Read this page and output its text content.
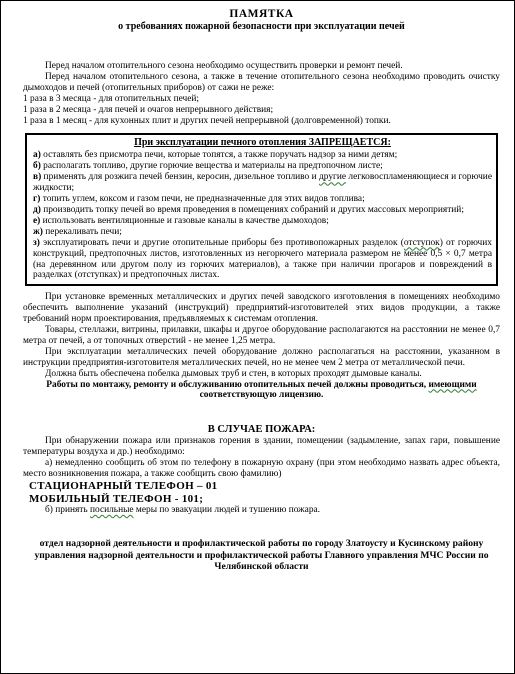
ПАМЯТКА
о требованиях пожарной безопасности при эксплуатации печей

Перед началом отопительного сезона необходимо осуществить проверки и ремонт печей.

Перед началом отопительного сезона, а также в течение отопительного сезона необходимо проводить очистку дымоходов и печей (отопительных приборов) от сажи не реже:

1 раза в 3 месяца - для отопительных печей;

1 раза в 2 месяца - для печей и очагов непрерывного действия;

1 раза в 1 месяц - для кухонных плит и других печей непрерывной (долговременной) топки.

При эксплуатации печного отопления ЗАПРЕЩАЕТСЯ:

а) оставлять без присмотра печи, которые топятся, а также поручать надзор за ними детям;

б) располагать топливо, другие горючие вещества и материалы на предтопочном листе;

в) применять для розжига печей бензин, керосин, дизельное топливо и другие легковоспламеняющиеся и горючие жидкости;

г) топить углем, коксом и газом печи, не предназначенные для этих видов топлива;

д) производить топку печей во время проведения в помещениях собраний и других массовых мероприятий;

е) использовать вентиляционные и газовые каналы в качестве дымоходов;

ж) перекаливать печи;

з) эксплуатировать печи и другие отопительные приборы без противопожарных разделок (отступок) от горючих конструкций, предтопочных листов, изготовленных из негорючего материала размером не менее 0,5 × 0,7 метра (на деревянном или другом полу из горючих материалов), а также при наличии прогаров и повреждений в разделках (отступках) и предтопочных листах.

При установке временных металлических и других печей заводского изготовления в помещениях необходимо обеспечить выполнение указаний (инструкций) предприятий-изготовителей этих видов продукции, а также требований норм проектирования, предъявляемых к системам отопления.

Товары, стеллажи, витрины, прилавки, шкафы и другое оборудование располагаются на расстоянии не менее 0,7 метра от печей, а от топочных отверстий - не менее 1,25 метра.

При эксплуатации металлических печей оборудование должно располагаться на расстоянии, указанном в инструкции предприятия-изготовителя металлических печей, но не менее чем 2 метра от металлической печи.

Должна быть обеспечена побелка дымовых труб и стен, в которых проходят дымовые каналы.

Работы по монтажу, ремонту и обслуживанию отопительных печей должны проводиться, имеющими соответствующую лицензию.

В СЛУЧАЕ ПОЖАРА:

При обнаружении пожара или признаков горения в здании, помещении (задымление, запах гари, повышение температуры воздуха и др.) необходимо:

а) немедленно сообщить об этом по телефону в пожарную охрану (при этом необходимо назвать адрес объекта, место возникновения пожара, а также сообщить свою фамилию)

СТАЦИОНАРНЫЙ ТЕЛЕФОН – 01
МОБИЛЬНЫЙ ТЕЛЕФОН - 101;

б) принять посильные меры по эвакуации людей и тушению пожара.

отдел надзорной деятельности и профилактической работы по городу Златоусту и Кусинскому району управления надзорной деятельности и профилактической работы Главного управления МЧС России по Челябинской области
